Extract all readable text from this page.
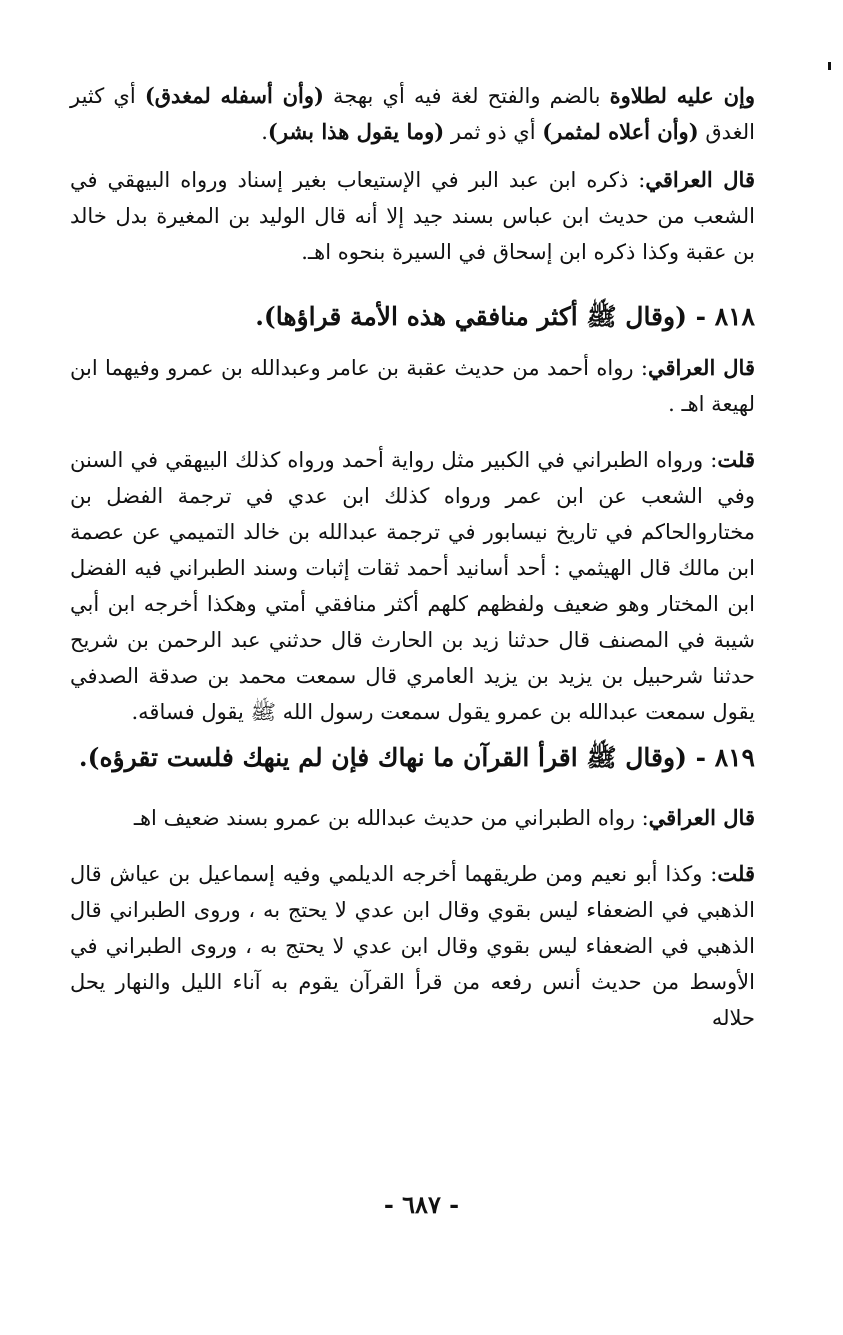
وإن عليه لطلاوة بالضم والفتح لغة فيه أي بهجة (وأن أسفله لمغدق) أي كثير الغدق (وأن أعلاه لمثمر) أي ذو ثمر (وما يقول هذا بشر).

قال العراقي: ذكره ابن عبد البر في الإستيعاب بغير إسناد ورواه البيهقي في الشعب من حديث ابن عباس بسند جيد إلا أنه قال الوليد بن المغيرة بدل خالد بن عقبة وكذا ذكره ابن إسحاق في السيرة بنحوه اهـ.

٨١٨ - (وقال ﷺ أكثر منافقي هذه الأمة قراؤها).

قال العراقي: رواه أحمد من حديث عقبة بن عامر وعبدالله بن عمرو وفيهما ابن لهيعة اهـ .

قلت: ورواه الطبراني في الكبير مثل رواية أحمد ورواه كذلك البيهقي في السنن وفي الشعب عن ابن عمر ورواه كذلك ابن عدي في ترجمة الفضل بن مختاروالحاكم في تاريخ نيسابور في ترجمة عبدالله بن خالد التميمي عن عصمة ابن مالك قال الهيثمي : أحد أسانيد أحمد ثقات إثبات وسند الطبراني فيه الفضل ابن المختار وهو ضعيف ولفظهم كلهم أكثر منافقي أمتي وهكذا أخرجه ابن أبي شيبة في المصنف قال حدثنا زيد بن الحارث قال حدثني عبد الرحمن بن شريح حدثنا شرحبيل بن يزيد بن يزيد العامري قال سمعت محمد بن صدقة الصدفي يقول سمعت عبدالله بن عمرو يقول سمعت رسول الله ﷺ يقول فساقه.

٨١٩ - (وقال ﷺ اقرأ القرآن ما نهاك فإن لم ينهك فلست تقرؤه).

قال العراقي: رواه الطبراني من حديث عبدالله بن عمرو بسند ضعيف اهـ

قلت: وكذا أبو نعيم ومن طريقهما أخرجه الديلمي وفيه إسماعيل بن عياش قال الذهبي في الضعفاء ليس بقوي وقال ابن عدي لا يحتج به ، وروى الطبراني قال الذهبي في الضعفاء ليس بقوي وقال ابن عدي لا يحتج به ، وروى الطبراني في الأوسط من حديث أنس رفعه من قرأ القرآن يقوم به آناء الليل والنهار يحل حلاله

- ٦٨٧ -
